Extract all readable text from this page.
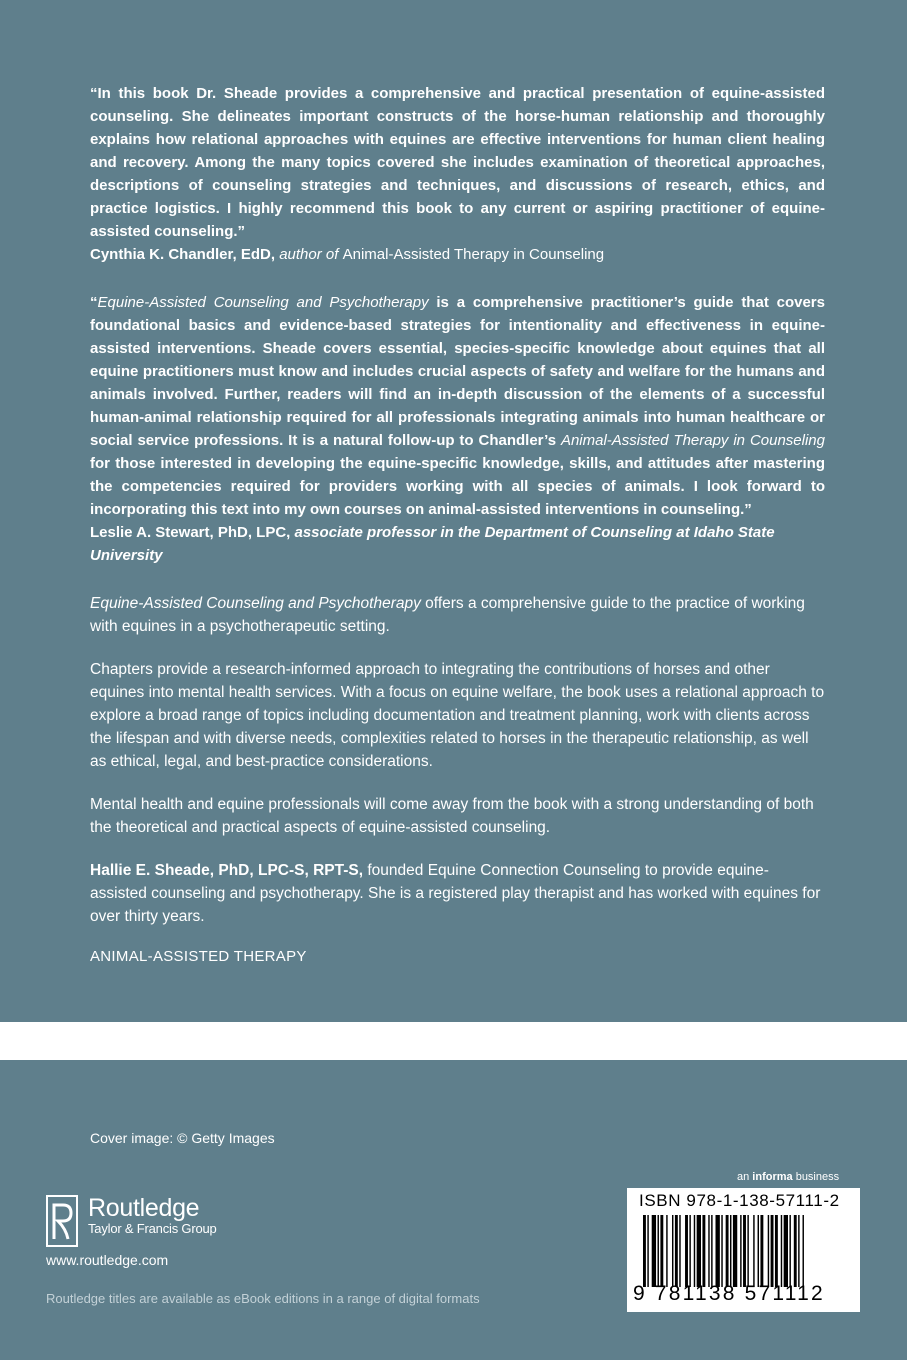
“In this book Dr. Sheade provides a comprehensive and practical presentation of equine-assisted counseling. She delineates important constructs of the horse-human relationship and thoroughly explains how relational approaches with equines are effective interventions for human client healing and recovery. Among the many topics covered she includes examination of theoretical approaches, descriptions of counseling strategies and techniques, and discussions of research, ethics, and practice logistics. I highly recommend this book to any current or aspiring practitioner of equine-assisted counseling.”
Cynthia K. Chandler, EdD, author of Animal-Assisted Therapy in Counseling
“Equine-Assisted Counseling and Psychotherapy is a comprehensive practitioner’s guide that covers foundational basics and evidence-based strategies for intentionality and effectiveness in equine-assisted interventions. Sheade covers essential, species-specific knowledge about equines that all equine practitioners must know and includes crucial aspects of safety and welfare for the humans and animals involved. Further, readers will find an in-depth discussion of the elements of a successful human-animal relationship required for all professionals integrating animals into human healthcare or social service professions. It is a natural follow-up to Chandler’s Animal-Assisted Therapy in Counseling for those interested in developing the equine-specific knowledge, skills, and attitudes after mastering the competencies required for providers working with all species of animals. I look forward to incorporating this text into my own courses on animal-assisted interventions in counseling.”
Leslie A. Stewart, PhD, LPC, associate professor in the Department of Counseling at Idaho State University

Equine-Assisted Counseling and Psychotherapy offers a comprehensive guide to the practice of working with equines in a psychotherapeutic setting.

Chapters provide a research-informed approach to integrating the contributions of horses and other equines into mental health services. With a focus on equine welfare, the book uses a relational approach to explore a broad range of topics including documentation and treatment planning, work with clients across the lifespan and with diverse needs, complexities related to horses in the therapeutic relationship, as well as ethical, legal, and best-practice considerations.

Mental health and equine professionals will come away from the book with a strong understanding of both the theoretical and practical aspects of equine-assisted counseling.

Hallie E. Sheade, PhD, LPC-S, RPT-S, founded Equine Connection Counseling to provide equine-assisted counseling and psychotherapy. She is a registered play therapist and has worked with equines for over thirty years.

ANIMAL-ASSISTED THERAPY

Cover image: © Getty Images

Routledge
Taylor & Francis Group

www.routledge.com

Routledge titles are available as eBook editions in a range of digital formats

an informa business

ISBN 978-1-138-57111-2

9 781138 571112
